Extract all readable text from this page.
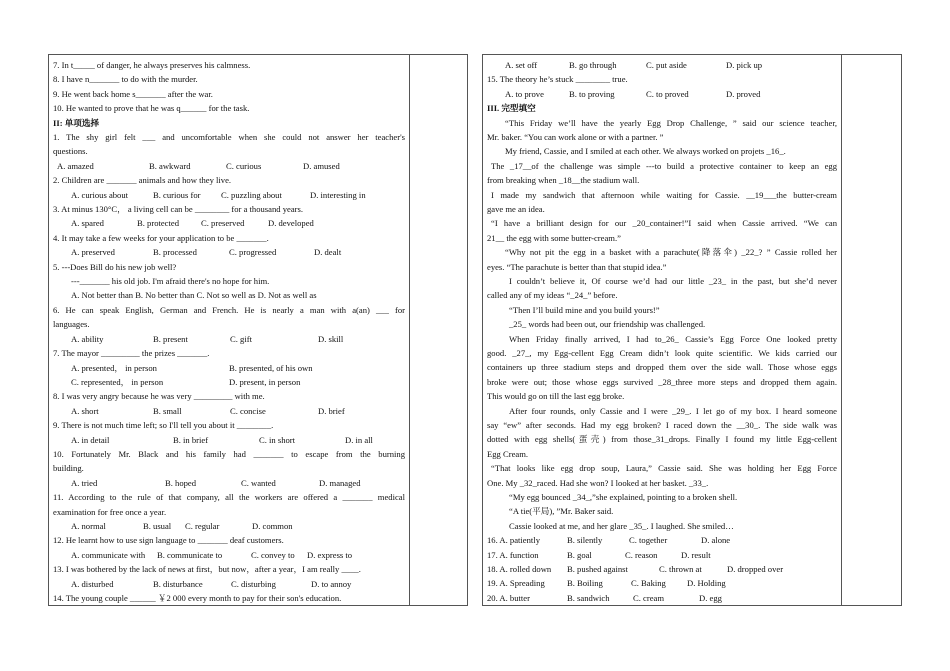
7. In t_____ of danger, he always preserves his calmness.
8. I have n_______ to do with the murder.
9. He went back home s_______ after the war.
10. He wanted to prove that he was q______ for the task.
II: 单项选择
1. The shy girl felt ___ and uncomfortable when she could not answer her teacher's
questions.
A. amazed	B. awkward	C. curious	D. amused
2. Children are _______ animals and how they live.
A. curious about	B. curious for	C. puzzling about	D. interesting in
3. At minus 130°C， a living cell can be ________ for a thousand years.
A. spared	B. protected	C. preserved	D. developed
4. It may take a few weeks for your application to be _______.
A. preserved	B. processed	C. progressed	D. dealt
5. ---Does Bill do his new job well?
---_______ his old job. I'm afraid there's no hope for him.
A. Not better than B. No better than C. Not so well as D. Not as well as
6. He can speak English, German and French. He is nearly a man with a(an) ___ for
languages.
A. ability	B. present	C. gift	D. skill
7. The mayor _________ the prizes _______.
A. presented， in person	B. presented, of his own
C. represented， in person	D. present, in person
8. I was very angry because he was very _________ with me.
A. short	B. small	C. concise	D. brief
9. There is not much time left; so I'll tell you about it ________.
A. in detail	B. in brief	C. in short	D. in all
10. Fortunately Mr. Black and his family had _______ to escape from the burning
building.
A. tried	B. hoped	C. wanted	D. managed
11. According to the rule of that company, all the workers are offered a _______ medical
examination for free once a year.
A. normal	B. usual	C. regular	D. common
12. He learnt how to use sign language to _______ deaf customers.
A. communicate with	B. communicate to	C. convey to	D. express to
13. I was bothered by the lack of news at first，but now，after a year，I am really ____.
A. disturbed	B. disturbance	C. disturbing	D. to annoy
14. The young couple ______ ￥2 000 every month to pay for their son's education.
A. set off	B. go through	C. put aside	D. pick up
15. The theory he’s stuck ________ true.
A. to prove	B. to proving	C. to proved	D. proved
III. 完型填空
“This Friday we’ll have the yearly Egg Drop Challenge, ” said our science teacher,
Mr. baker. “You can work alone or with a partner. ”
My friend, Cassie, and I smiled at each other. We always worked on projets _16_.
The _17__of the challenge was simple ---to build a protective container to keep an egg
from breaking when _18__the stadium wall.
I made my sandwich that afternoon while waiting for Cassie. __19___the butter-cream
gave me an idea.
“I have a brilliant design for our _20_container!”I said when Cassie arrived. “We can
21__ the egg with some butter-cream.”
“Why not pit the egg in a basket with a parachute(降落伞) _22_? ” Cassie rolled her
eyes. “The parachute is better than that stupid idea.”
I couldn’t believe it, Of course we’d had our little _23_ in the past, but she’d never
called any of my ideas “_24_” before.
“Then I’ll build mine and you build yours!”
_25_ words had been out, our friendship was challenged.
When Friday finally arrived, I had to_26_ Cassie’s Egg Force One looked pretty
good. _27_, my Egg-cellent Egg Cream didn’t look quite scientific. We kids carried our
containers up three stadium steps and dropped them over the side wall. Those whose eggs
broke were out; those whose eggs survived _28_three more steps and dropped them again.
This would go on till the last egg broke.
After four rounds, only Cassie and I were _29_. I let go of my box. I heard someone
say “ew” after seconds. Had my egg broken? I raced down the __30_. The side walk was
dotted with egg shells(蛋壳) from those_31_drops. Finally I found my little Egg-cellent
Egg Cream.
“That looks like egg drop soup, Laura,” Cassie said. She was holding her Egg Force
One. My _32_raced. Had she won? I looked at her basket. _33_.
“My egg bounced _34_,”she explained, pointing to a broken shell.
“A tie(平局), ”Mr. Baker said.
Cassie looked at me, and her glare _35_. I laughed. She smiled…
16. A. patiently	B. silently	C. together	D. alone
17. A. function	B. goal	C. reason	D. result
18. A. rolled down	B. pushed against	C. thrown at	D. dropped over
19. A. Spreading	B. Boiling	C. Baking	D. Holding
20. A. butter	B. sandwich	C. cream	D. egg
